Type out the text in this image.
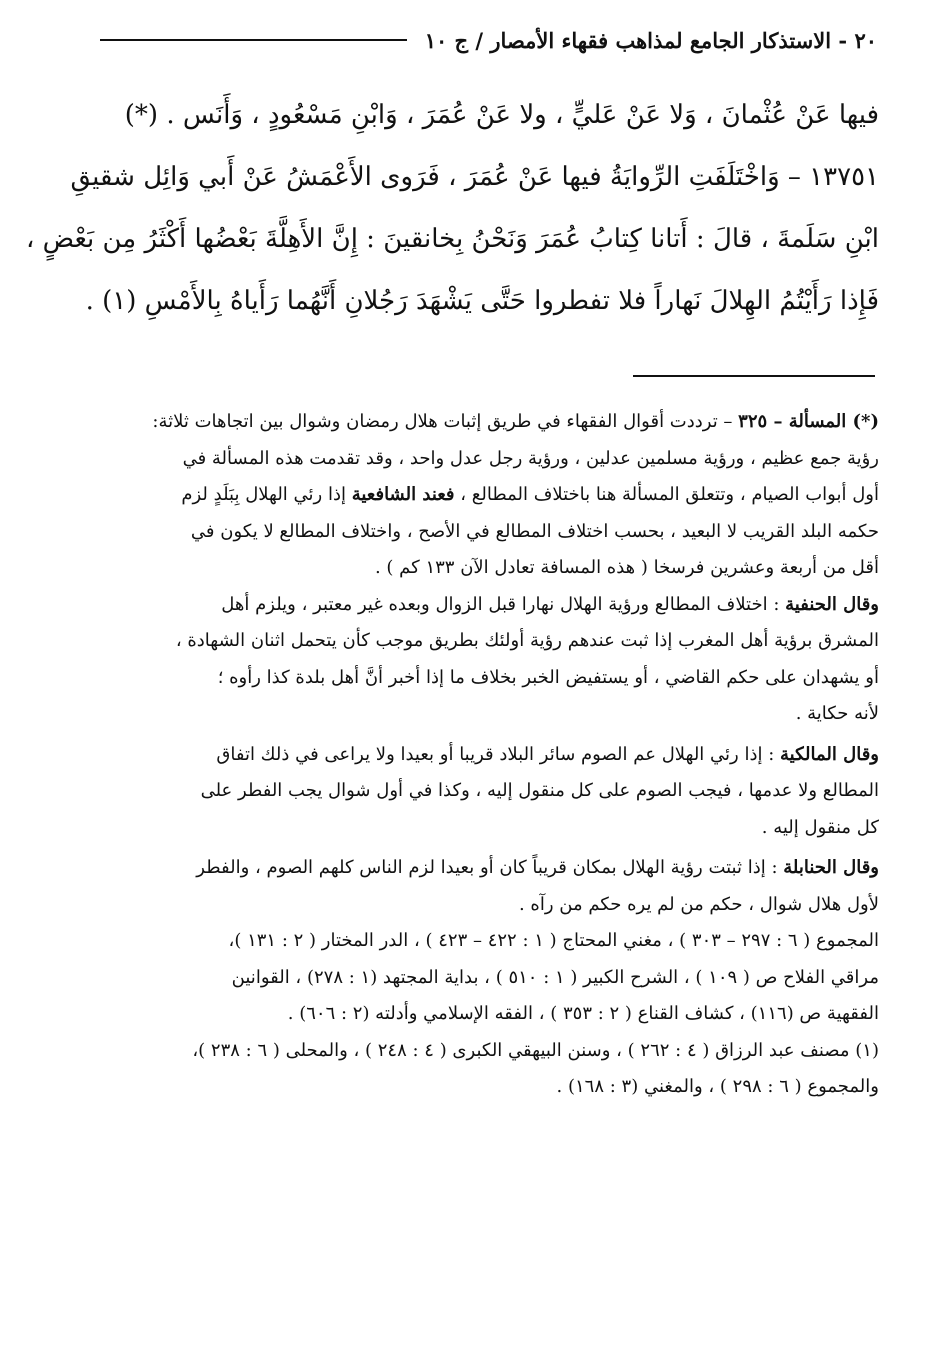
٢٠ - الاستذكار الجامع لمذاهب فقهاء الأمصار / ج ١٠
فيها عَنْ عُثْمانَ ، وَلا عَنْ عَليٍّ ، ولا عَنْ عُمَرَ ، وَابْنِ مَسْعُودٍ ، وَأَنَس . (*)
١٣٧٥١ – وَاخْتَلَفَتِ الرِّوايَةُ فيها عَنْ عُمَرَ ، فَرَوى الأَعْمَشُ عَنْ أَبي وَائِل شقيقِ
ابْنِ سَلَمةَ ، قالَ : أَتانا كِتابُ عُمَرَ وَنَحْنُ بِخانقينَ : إِنَّ الأَهِلَّةَ بَعْضُها أَكْثَرُ مِن بَعْضٍ ،
فَإِذا رَأَيْتُمُ الهِلالَ نَهاراً فلا تفطروا حَتَّى يَشْهَدَ رَجُلانِ أَنَّهُما رَأَياهُ بِالأَمْسِ (١) .
(*) المسألة – ٣٢٥ – ترددت أقوال الفقهاء في طريق إثبات هلال رمضان وشوال بين اتجاهات ثلاثة:
رؤية جمع عظيم ، ورؤية مسلمين عدلين ، ورؤية رجل عدل واحد ، وقد تقدمت هذه المسألة في
أول أبواب الصيام ، وتتعلق المسألة هنا باختلاف المطالع ، فعند الشافعية إذا رئي الهلال بِبَلَدٍ لزم
حكمه البلد القريب لا البعيد ، بحسب اختلاف المطالع في الأصح ، واختلاف المطالع لا يكون في
أقل من أربعة وعشرين فرسخا ( هذه المسافة تعادل الآن ١٣٣ كم ) .
وقال الحنفية : اختلاف المطالع ورؤية الهلال نهارا قبل الزوال وبعده غير معتبر ، ويلزم أهل
المشرق برؤية أهل المغرب إذا ثبت عندهم رؤية أولئك بطريق موجب كأن يتحمل اثنان الشهادة ،
أو يشهدان على حكم القاضي ، أو يستفيض الخبر بخلاف ما إذا أخبر أنَّ أهل بلدة كذا رأوه ؛
لأنه حكاية .
وقال المالكية : إذا رئي الهلال عم الصوم سائر البلاد قريبا أو بعيدا ولا يراعى في ذلك اتفاق
المطالع ولا عدمها ، فيجب الصوم على كل منقول إليه ، وكذا في أول شوال يجب الفطر على
كل منقول إليه .
وقال الحنابلة : إذا ثبتت رؤية الهلال بمكان قريباً كان أو بعيدا لزم الناس كلهم الصوم ، والفطر
لأول هلال شوال ، حكم من لم يره حكم من رآه .
المجموع ( ٦ : ٢٩٧ – ٣٠٣ ) ، مغني المحتاج ( ١ : ٤٢٢ – ٤٢٣ ) ، الدر المختار ( ٢ : ١٣١ )،
مراقي الفلاح ص ( ١٠٩ ) ، الشرح الكبير ( ١ : ٥١٠ ) ، بداية المجتهد (١ : ٢٧٨) ، القوانين
الفقهية ص (١١٦) ، كشاف القناع ( ٢ : ٣٥٣ ) ، الفقه الإسلامي وأدلته (٢ : ٦٠٦) .
(١) مصنف عبد الرزاق ( ٤ : ٢٦٢ ) ، وسنن البيهقي الكبرى ( ٤ : ٢٤٨ ) ، والمحلى ( ٦ : ٢٣٨ )،
والمجموع ( ٦ : ٢٩٨ ) ، والمغني (٣ : ١٦٨) .
